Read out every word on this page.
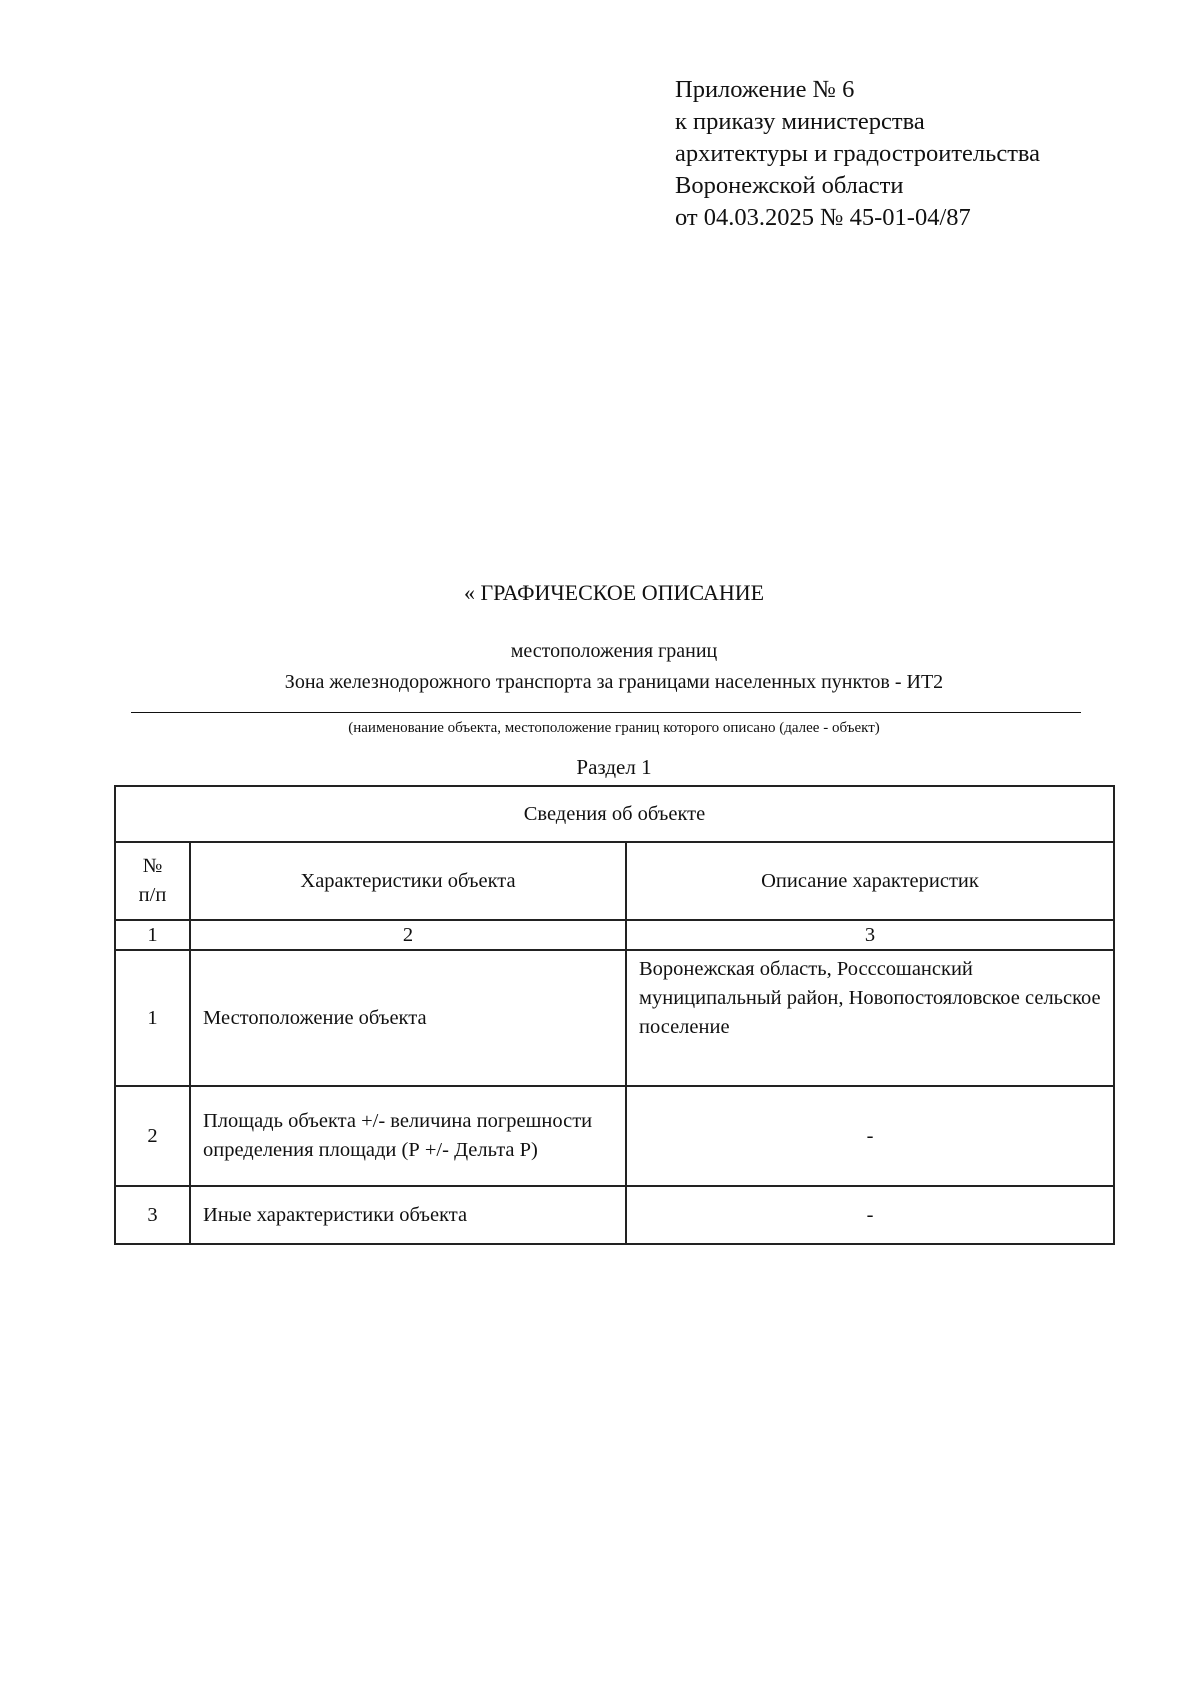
Приложение № 6
к приказу министерства
архитектуры и градостроительства
Воронежской области
от 04.03.2025 № 45-01-04/87
« ГРАФИЧЕСКОЕ ОПИСАНИЕ
местоположения границ
Зона железнодорожного транспорта за границами населенных пунктов - ИТ2
(наименование объекта, местоположение границ которого описано (далее - объект)
Раздел 1
Сведения об объекте		

№
п/п	Характеристики объекта	Описание характеристик
1	2	3
1	Местоположение объекта	Воронежская область, Росссошанский муниципальный район, Новопостояловское сельское поселение
2	Площадь объекта +/- величина погрешности определения площади (Р +/- Дельта Р)	-
3	Иные характеристики объекта	-
